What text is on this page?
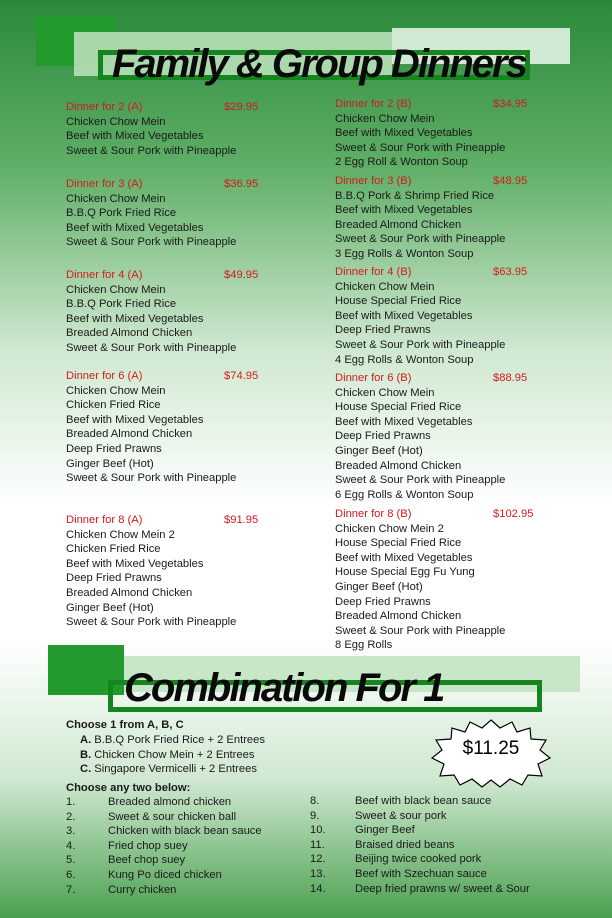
Family & Group Dinners
Dinner for 2 (A)	$29.95
Chicken Chow Mein
Beef with Mixed Vegetables
Sweet & Sour Pork with Pineapple
Dinner for 3 (A)	$36.95
Chicken Chow Mein
B.B.Q Pork Fried Rice
Beef with Mixed Vegetables
Sweet & Sour Pork with Pineapple
Dinner for 4 (A)	$49.95
Chicken Chow Mein
B.B.Q Pork Fried Rice
Beef with Mixed Vegetables
Breaded Almond Chicken
Sweet & Sour Pork with Pineapple
Dinner for 6 (A)	$74.95
Chicken Chow Mein
Chicken Fried Rice
Beef with Mixed Vegetables
Breaded Almond Chicken
Deep Fried Prawns
Ginger Beef (Hot)
Sweet & Sour Pork with Pineapple
Dinner for 8 (A)	$91.95
Chicken Chow Mein 2
Chicken Fried Rice
Beef with Mixed Vegetables
Deep Fried Prawns
Breaded Almond Chicken
Ginger Beef (Hot)
Sweet & Sour Pork with Pineapple
Dinner for 2 (B)	$34.95
Chicken Chow Mein
Beef with Mixed Vegetables
Sweet & Sour Pork with Pineapple
2 Egg Roll & Wonton Soup
Dinner for 3 (B)	$48.95
B.B.Q Pork & Shrimp Fried Rice
Beef with Mixed Vegetables
Breaded Almond Chicken
Sweet & Sour Pork with Pineapple
3 Egg Rolls & Wonton Soup
Dinner for 4 (B)	$63.95
Chicken Chow Mein
House Special Fried Rice
Beef with Mixed Vegetables
Deep Fried Prawns
Sweet & Sour Pork with Pineapple
4 Egg Rolls & Wonton Soup
Dinner for 6 (B)	$88.95
Chicken Chow Mein
House Special Fried Rice
Beef with Mixed Vegetables
Deep Fried Prawns
Ginger Beef (Hot)
Breaded Almond Chicken
Sweet & Sour Pork with Pineapple
6 Egg Rolls & Wonton Soup
Dinner for 8 (B)	$102.95
Chicken Chow Mein 2
House Special Fried Rice
Beef with Mixed Vegetables
House Special Egg Fu Yung
Ginger Beef (Hot)
Deep Fried Prawns
Breaded Almond Chicken
Sweet & Sour Pork with Pineapple
8 Egg Rolls
Combination For 1
Choose 1 from A, B, C
A. B.B.Q Pork Fried Rice + 2 Entrees
B. Chicken Chow Mein + 2 Entrees
C. Singapore Vermicelli + 2 Entrees
Choose any two below:
$11.25
1.	Breaded almond chicken
2.	Sweet & sour chicken ball
3.	Chicken with black bean sauce
4.	Fried chop suey
5.	Beef chop suey
6.	Kung Po diced chicken
7.	Curry chicken
8.	Beef with black bean sauce
9.	Sweet & sour pork
10.	Ginger Beef
11.	Braised dried beans
12.	Beijing twice cooked pork
13.	Beef with Szechuan sauce
14.	Deep fried prawns w/ sweet & Sour
